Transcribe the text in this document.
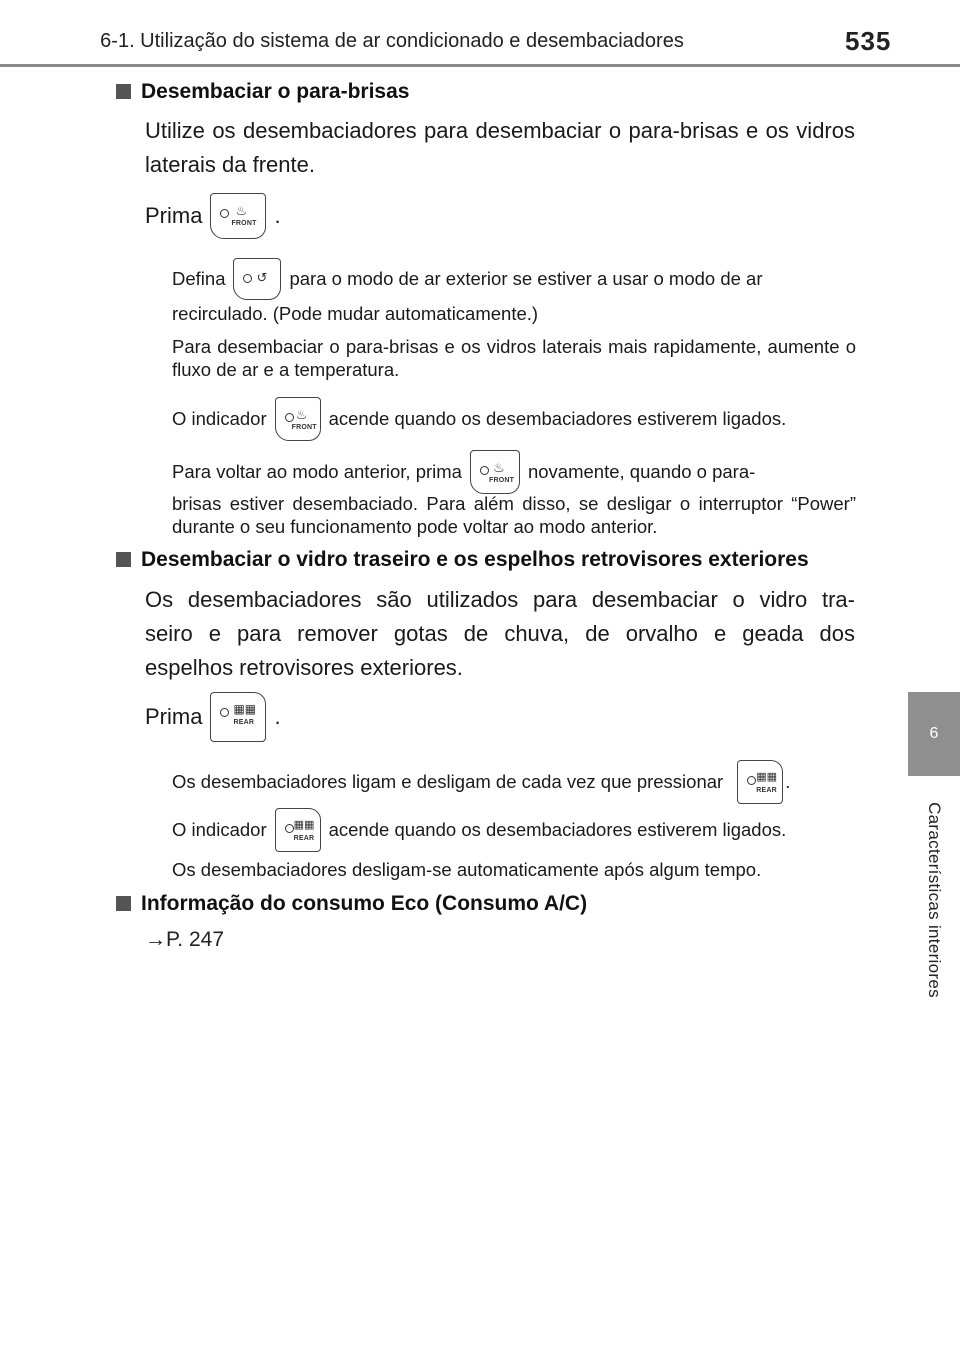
6-1. Utilização do sistema de ar condicionado e desembaciadores	535
6
Características interiores
Desembaciar o para-brisas
Utilize os desembaciadores para desembaciar o para-brisas e os vidros laterais da frente.
Prima	♨
FRONT .
Defina ↺ para o modo de ar exterior se estiver a usar o modo de ar
recirculado. (Pode mudar automaticamente.)
Para desembaciar o para-brisas e os vidros laterais mais rapidamente, aumente o fluxo de ar e a temperatura.
O indicador ♨
FRONT acende quando os desembaciadores estiverem ligados.
Para voltar ao modo anterior, prima ♨
FRONT novamente, quando o para-
brisas estiver desembaciado. Para além disso, se desligar o interruptor “Power” durante o seu funcionamento pode voltar ao modo anterior.
Desembaciar o vidro traseiro e os espelhos retrovisores exteriores
Os desembaciadores são utilizados para desembaciar o vidro tra-
seiro e para remover gotas de chuva, de orvalho e geada dos
espelhos retrovisores exteriores.
Prima	▦▦
REAR .
Os desembaciadores ligam e desligam de cada vez que pressionar	▦▦
REAR .
O indicador ▦▦
REAR acende quando os desembaciadores estiverem ligados.
Os desembaciadores desligam-se automaticamente após algum tempo.
Informação do consumo Eco (Consumo A/C)
→P. 247
